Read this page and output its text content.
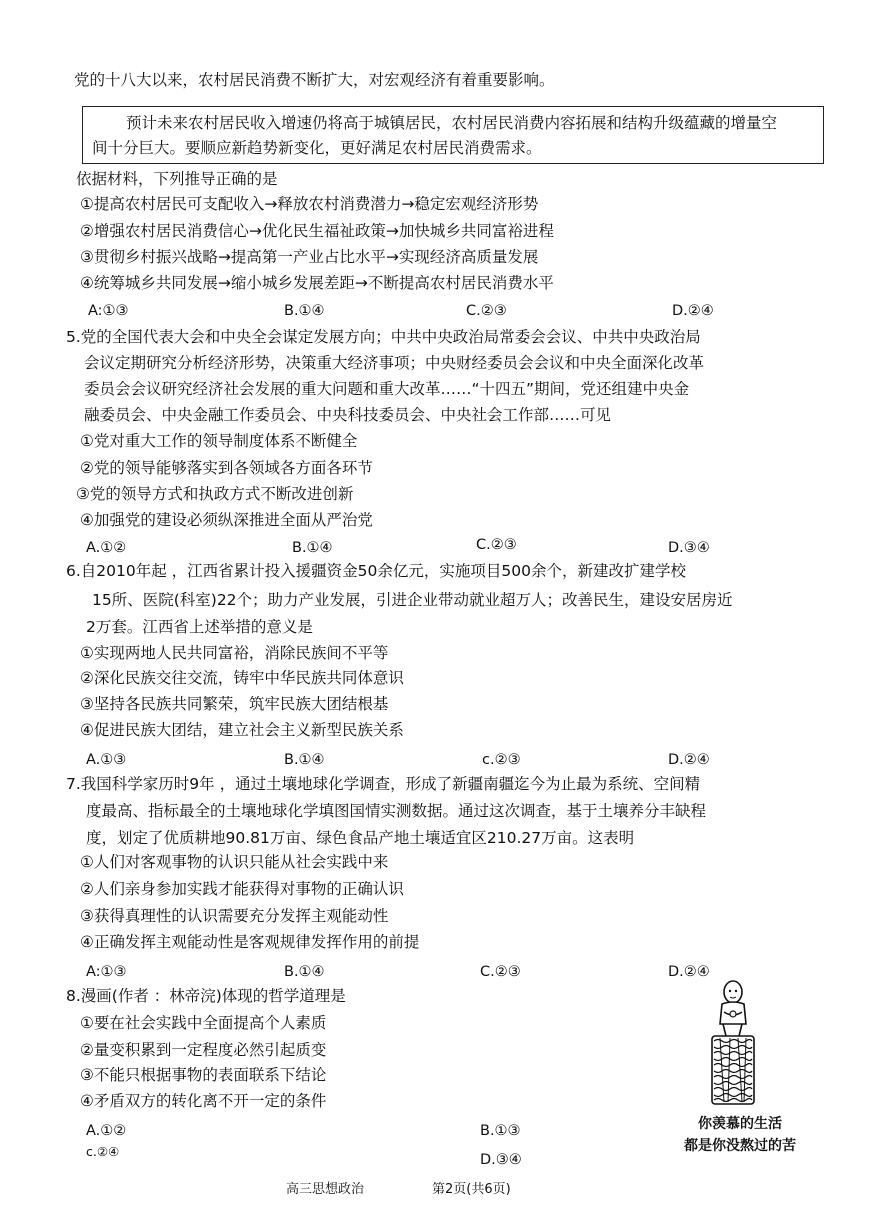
党的十八大以来，农村居民消费不断扩大，对宏观经济有着重要影响。
预计未来农村居民收入增速仍将高于城镇居民，农村居民消费内容拓展和结构升级蕴藏的增量空
间十分巨大。要顺应新趋势新变化，更好满足农村居民消费需求。
依据材料，下列推导正确的是
①提高农村居民可支配收入→释放农村消费潜力→稳定宏观经济形势
②增强农村居民消费信心→优化民生福祉政策→加快城乡共同富裕进程
③贯彻乡村振兴战略→提高第一产业占比水平→实现经济高质量发展
④统筹城乡共同发展→缩小城乡发展差距→不断提高农村居民消费水平
A:①③	B.①④	C.②③	D.②④
5.党的全国代表大会和中央全会谋定发展方向；中共中央政治局常委会会议、中共中央政治局
会议定期研究分析经济形势，决策重大经济事项；中央财经委员会会议和中央全面深化改革
委员会会议研究经济社会发展的重大问题和重大改革……“十四五”期间，党还组建中央金
融委员会、中央金融工作委员会、中央科技委员会、中央社会工作部……可见
①党对重大工作的领导制度体系不断健全
②党的领导能够落实到各领域各方面各环节
③党的领导方式和执政方式不断改进创新
④加强党的建设必须纵深推进全面从严治党
A.①②	B.①④	C.②③	D.③④
6.自2010年起 ，江西省累计投入援疆资金50余亿元，实施项目500余个，新建改扩建学校
15所、医院(科室)22个；助力产业发展，引进企业带动就业超万人；改善民生，建设安居房近
2万套。江西省上述举措的意义是
①实现两地人民共同富裕，消除民族间不平等
②深化民族交往交流，铸牢中华民族共同体意识
③坚持各民族共同繁荣，筑牢民族大团结根基
④促进民族大团结，建立社会主义新型民族关系
A.①③	B.①④	c.②③	D.②④
7.我国科学家历时9年 ，通过土壤地球化学调查，形成了新疆南疆迄今为止最为系统、空间精
度最高、指标最全的土壤地球化学填图国情实测数据。通过这次调查，基于土壤养分丰缺程
度，划定了优质耕地90.81万亩、绿色食品产地土壤适宜区210.27万亩。这表明
①人们对客观事物的认识只能从社会实践中来
②人们亲身参加实践才能获得对事物的正确认识
③获得真理性的认识需要充分发挥主观能动性
④正确发挥主观能动性是客观规律发挥作用的前提
A:①③	B.①④	C.②③	D.②④
8.漫画(作者 ：林帝浣)体现的哲学道理是
①要在社会实践中全面提高个人素质
②量变积累到一定程度必然引起质变
③不能只根据事物的表面联系下结论
④矛盾双方的转化离不开一定的条件
A.①②	B.①③
c.②④
D.③④
你羡慕的生活
都是你没熬过的苦
高三思想政治	第2页(共6页)
